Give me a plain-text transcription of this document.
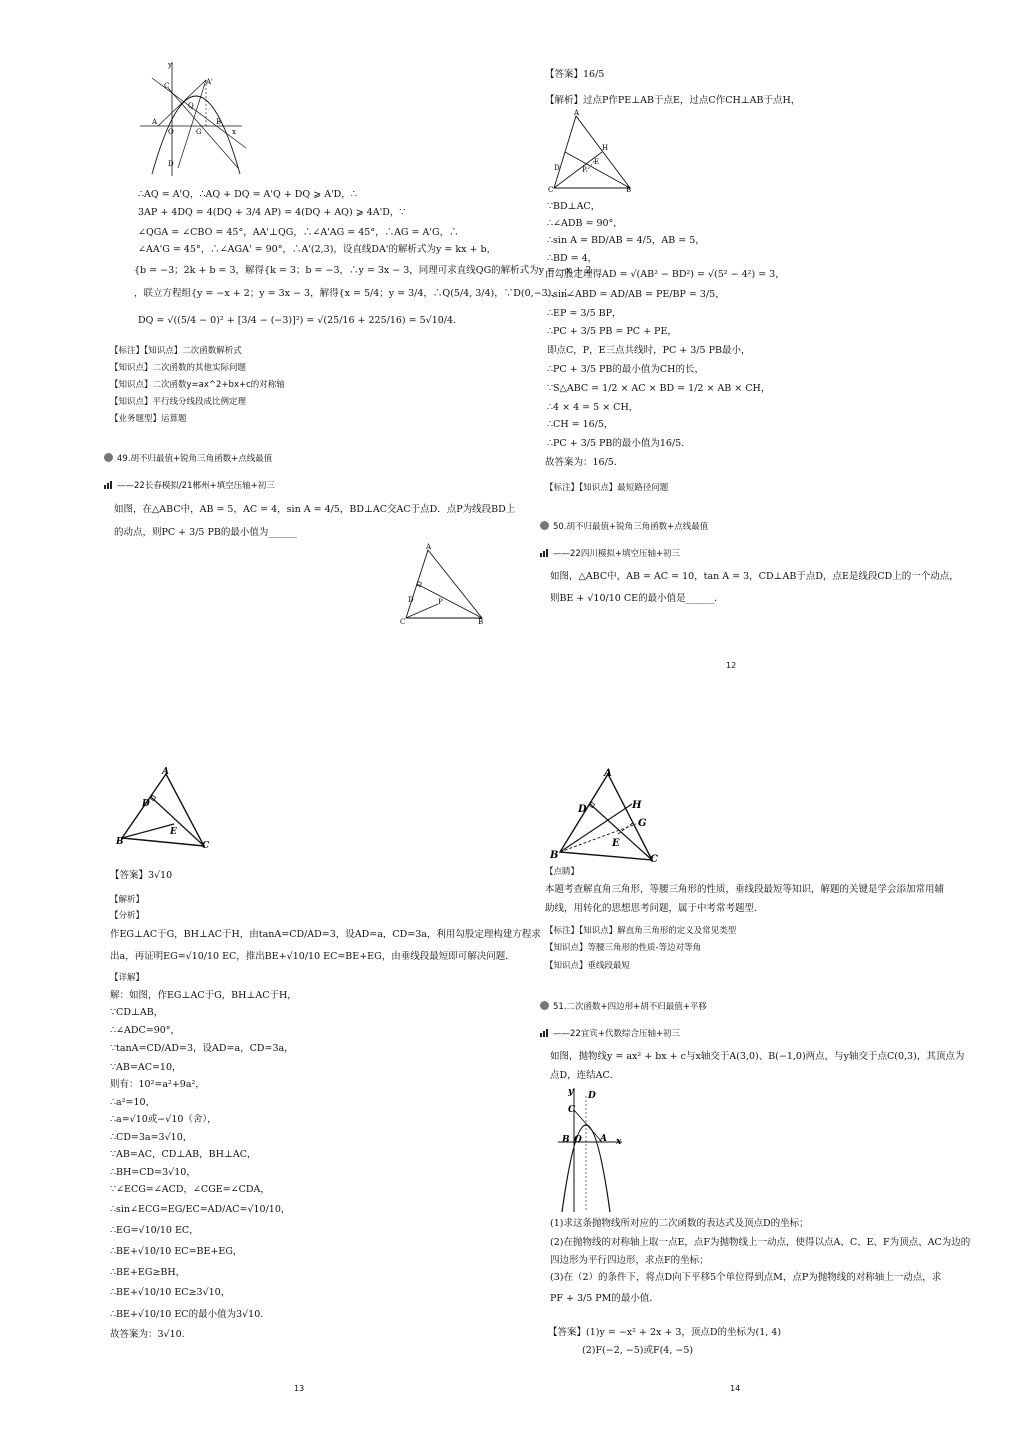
y
A'
C
Q
A
O	G
B
x
D
∴AQ = A'Q，∴AQ + DQ = A'Q + DQ ⩾ A'D，∴
3AP + 4DQ = 4(DQ + 3/4 AP) = 4(DQ + AQ) ⩾ 4A'D，∵
∠QGA = ∠CBO = 45°，AA'⊥QG，∴∠A'AG = 45°，∴AG = A'G，∴
∠AA'G = 45°，∴∠AGA' = 90°，∴A'(2,3)，设直线DA'的解析式为y = kx + b，
{b = −3；2k + b = 3，解得{k = 3；b = −3，∴y = 3x − 3，同理可求直线QG的解析式为y = −x + 2
，联立方程组{y = −x + 2；y = 3x − 3，解得{x = 5/4；y = 3/4，∴Q(5/4, 3/4)，∵D(0,−3)，∴
DQ = √((5/4 − 0)² + [3/4 − (−3)]²) = √(25/16 + 225/16) = 5√10/4.
【标注】【知识点】二次函数解析式
【知识点】二次函数的其他实际问题
【知识点】二次函数y=ax^2+bx+c的对称轴
【知识点】平行线分线段成比例定理
【业务题型】运算题
49.胡不归最值+锐角三角函数+点线最值
——22长春模拟/21郴州+填空压轴+初三
如图，在△ABC中，AB = 5，AC = 4，sin A = 4/5，BD⊥AC交AC于点D．点P为线段BD上
的动点，则PC + 3/5 PB的最小值为______
A
D	P
C	B
【答案】16/5
【解析】过点P作PE⊥AB于点E，过点C作CH⊥AB于点H，
A
H
D
E
P
C	B
∵BD⊥AC，
∴∠ADB = 90°，
∴sin A = BD/AB = 4/5，AB = 5，
∴BD = 4，
由勾股定理得AD = √(AB² − BD²) = √(5² − 4²) = 3，
∴sin∠ABD = AD/AB = PE/BP = 3/5，
∴EP = 3/5 BP，
∴PC + 3/5 PB = PC + PE，
即点C，P，E三点共线时，PC + 3/5 PB最小，
∴PC + 3/5 PB的最小值为CH的长，
∵S△ABC = 1/2 × AC × BD = 1/2 × AB × CH，
∴4 × 4 = 5 × CH，
∴CH = 16/5，
∴PC + 3/5 PB的最小值为16/5．
故答案为：16/5．
【标注】【知识点】最短路径问题
50.胡不归最值+锐角三角函数+点线最值
——22四川模拟+填空压轴+初三
如图，△ABC中，AB = AC = 10，tan A = 3，CD⊥AB于点D，点E是线段CD上的一个动点，
则BE + √10/10 CE的最小值是______．
12
A
D
E
B	C
【答案】3√10
【解析】
【分析】
作EG⊥AC于G，BH⊥AC于H，由tanA=CD/AD=3，设AD=a，CD=3a，利用勾股定理构建方程求
出a，再证明EG=√10/10 EC，推出BE+√10/10 EC=BE+EG，由垂线段最短即可解决问题．
【详解】
解：如图，作EG⊥AC于G，BH⊥AC于H，
∵CD⊥AB，
∴∠ADC=90°，
∵tanA=CD/AD=3，设AD=a，CD=3a，
∵AB=AC=10，
则有：10²=a²+9a²，
∴a²=10，
∴a=√10或−√10（舍），
∴CD=3a=3√10，
∵AB=AC，CD⊥AB，BH⊥AC，
∴BH=CD=3√10，
∵∠ECG=∠ACD，∠CGE=∠CDA，
∴sin∠ECG=EG/EC=AD/AC=√10/10，
∴EG=√10/10 EC，
∴BE+√10/10 EC=BE+EG，
∴BE+EG≥BH，
∴BE+√10/10 EC≥3√10，
∴BE+√10/10 EC的最小值为3√10.
故答案为：3√10.
13
A
D	H
G
E
B	C
【点睛】
本题考查解直角三角形，等腰三角形的性质，垂线段最短等知识，解题的关键是学会添加常用辅
助线，用转化的思想思考问题，属于中考常考题型．
【标注】【知识点】解直角三角形的定义及常见类型
【知识点】等腰三角形的性质-等边对等角
【知识点】垂线段最短
51.二次函数+四边形+胡不归最值+平移
——22宜宾+代数综合压轴+初三
如图，抛物线y = ax² + bx + c与x轴交于A(3,0)、B(−1,0)两点，与y轴交于点C(0,3)，其顶点为
点D，连结AC．
y D
C
B O A x
(1)求这条抛物线所对应的二次函数的表达式及顶点D的坐标；
(2)在抛物线的对称轴上取一点E，点F为抛物线上一动点，使得以点A、C、E、F为顶点、AC为边的
四边形为平行四边形，求点F的坐标；
(3)在（2）的条件下，将点D向下平移5个单位得到点M，点P为抛物线的对称轴上一动点，求
PF + 3/5 PM的最小值．
【答案】(1)y = −x² + 2x + 3，顶点D的坐标为(1, 4)
(2)F(−2, −5)或F(4, −5)
14
